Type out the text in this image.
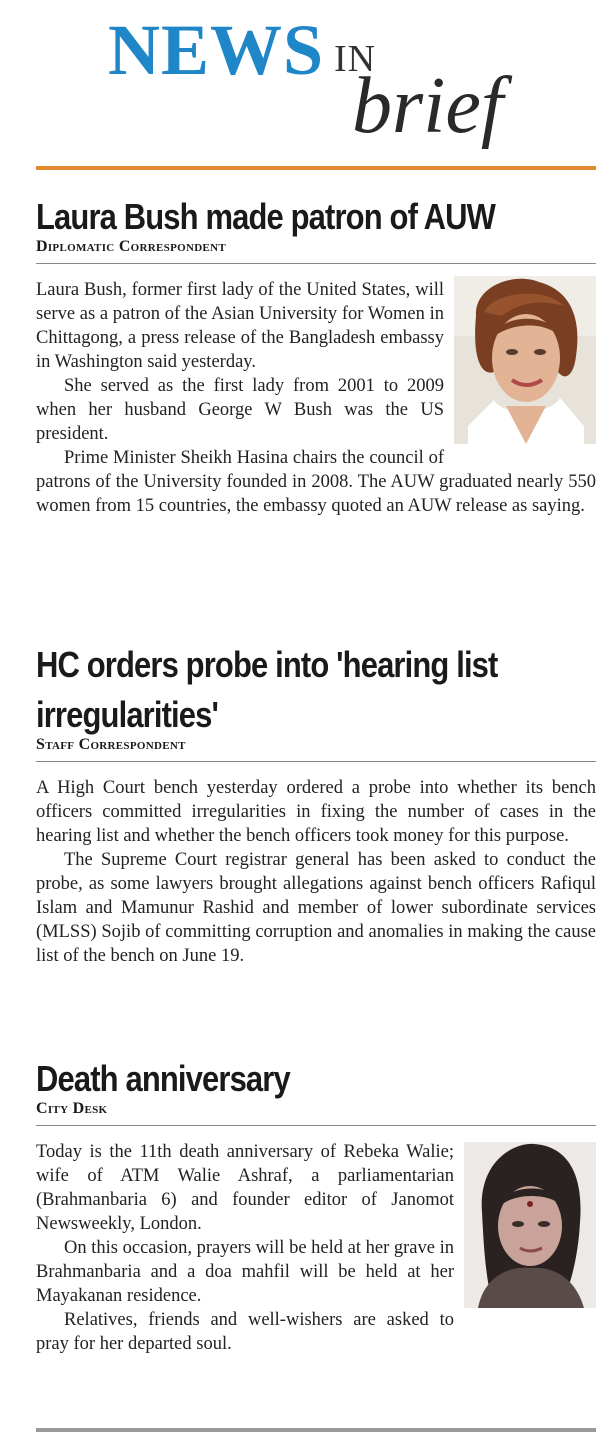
NEWS IN
brief
Laura Bush made patron of AUW
Diplomatic Correspondent

Laura Bush, former first lady of the United States, will serve as a patron of the Asian University for Women in Chittagong, a press release of the Bangladesh embassy in Washington said yesterday.

She served as the first lady from 2001 to 2009 when her husband George W Bush was the US president.

Prime Minister Sheikh Hasina chairs the council of patrons of the University founded in 2008. The AUW graduated nearly 550 women from 15 countries, the embassy quoted an AUW release as saying.

HC orders probe into 'hearing list
irregularities'
Staff Correspondent

A High Court bench yesterday ordered a probe into whether its bench officers committed irregularities in fixing the number of cases in the hearing list and whether the bench officers took money for this purpose.

The Supreme Court registrar general has been asked to conduct the probe, as some lawyers brought allegations against bench officers Rafiqul Islam and Mamunur Rashid and member of lower subordinate services (MLSS) Sojib of committing corruption and anomalies in making the cause list of the bench on June 19.

Death anniversary
City Desk

Today is the 11th death anniversary of Rebeka Walie; wife of ATM Walie Ashraf, a parliamentarian (Brahmanbaria 6) and founder editor of Janomot Newsweekly, London.

On this occasion, prayers will be held at her grave in Brahmanbaria and a doa mahfil will be held at her Mayakanan residence.

Relatives, friends and well-wishers are asked to pray for her departed soul.
